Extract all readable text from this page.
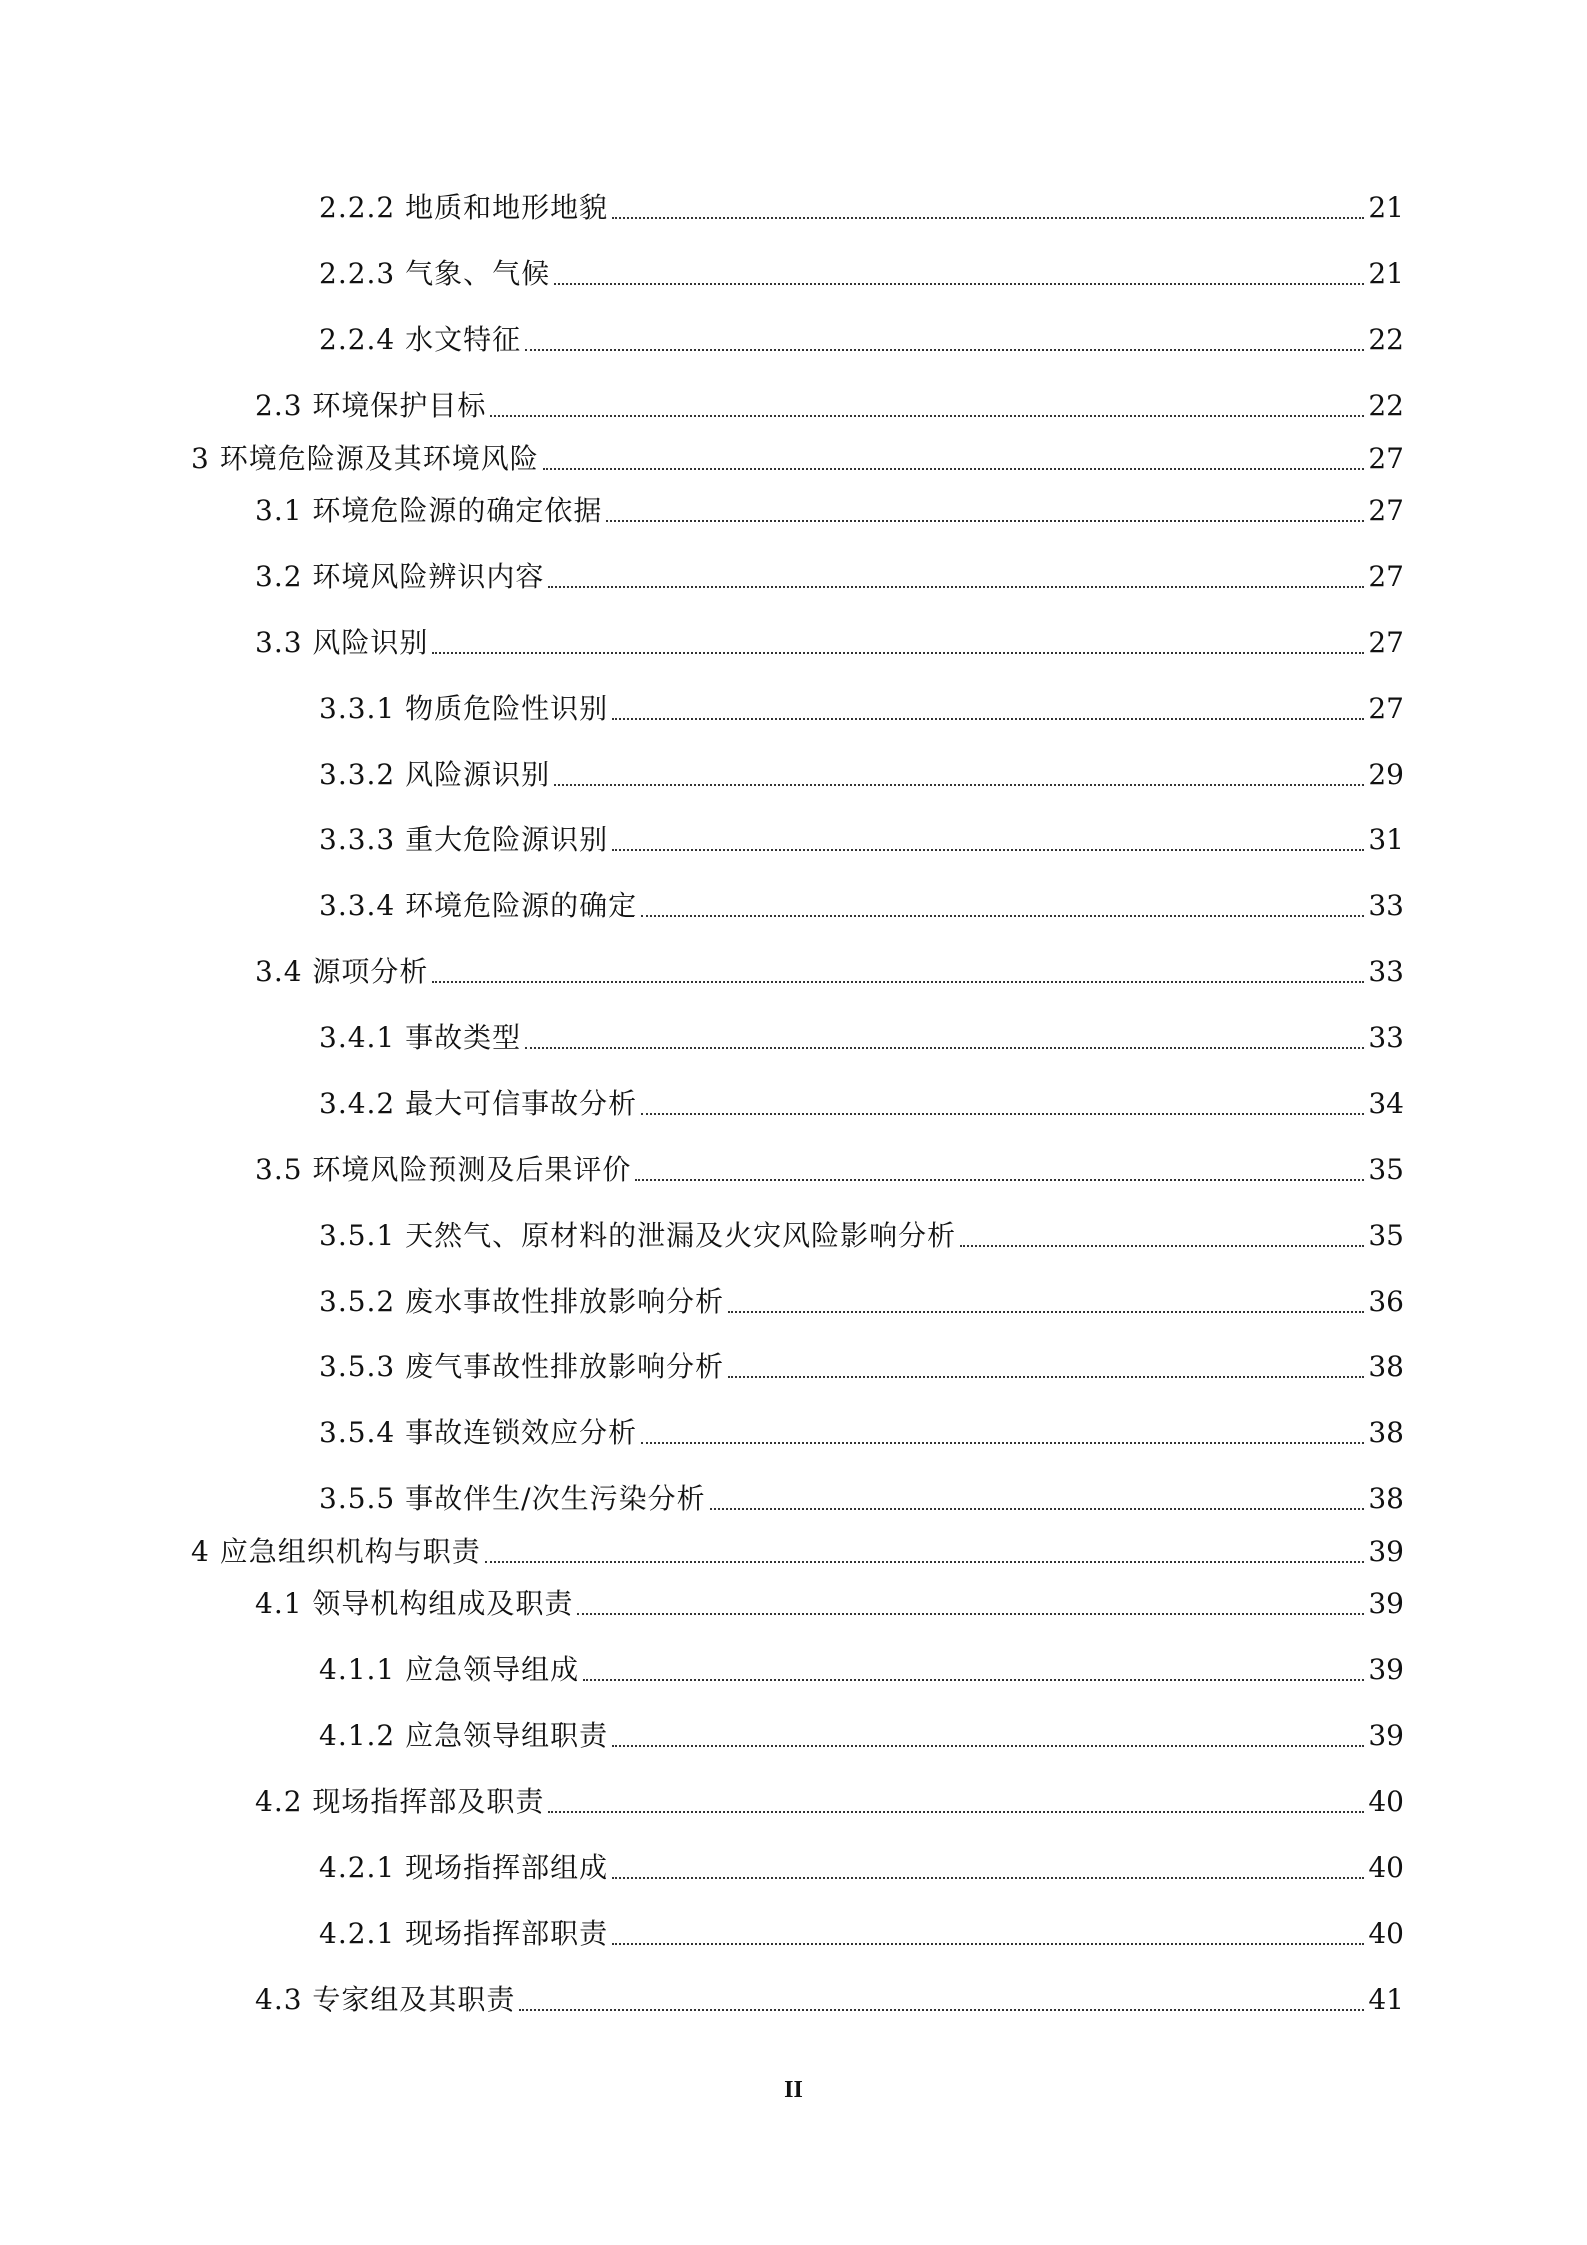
2.2.2 地质和地形地貌	21
2.2.3 气象、气候	21
2.2.4 水文特征	22
2.3 环境保护目标	22
3 环境危险源及其环境风险	27
3.1 环境危险源的确定依据	27
3.2 环境风险辨识内容	27
3.3 风险识别	27
3.3.1 物质危险性识别	27
3.3.2 风险源识别	29
3.3.3 重大危险源识别	31
3.3.4 环境危险源的确定	33
3.4 源项分析	33
3.4.1 事故类型	33
3.4.2 最大可信事故分析	34
3.5 环境风险预测及后果评价	35
3.5.1 天然气、原材料的泄漏及火灾风险影响分析	35
3.5.2 废水事故性排放影响分析	36
3.5.3 废气事故性排放影响分析	38
3.5.4 事故连锁效应分析	38
3.5.5 事故伴生/次生污染分析	38
4 应急组织机构与职责	39
4.1 领导机构组成及职责	39
4.1.1 应急领导组成	39
4.1.2 应急领导组职责	39
4.2 现场指挥部及职责	40
4.2.1 现场指挥部组成	40
4.2.1 现场指挥部职责	40
4.3 专家组及其职责	41
II
